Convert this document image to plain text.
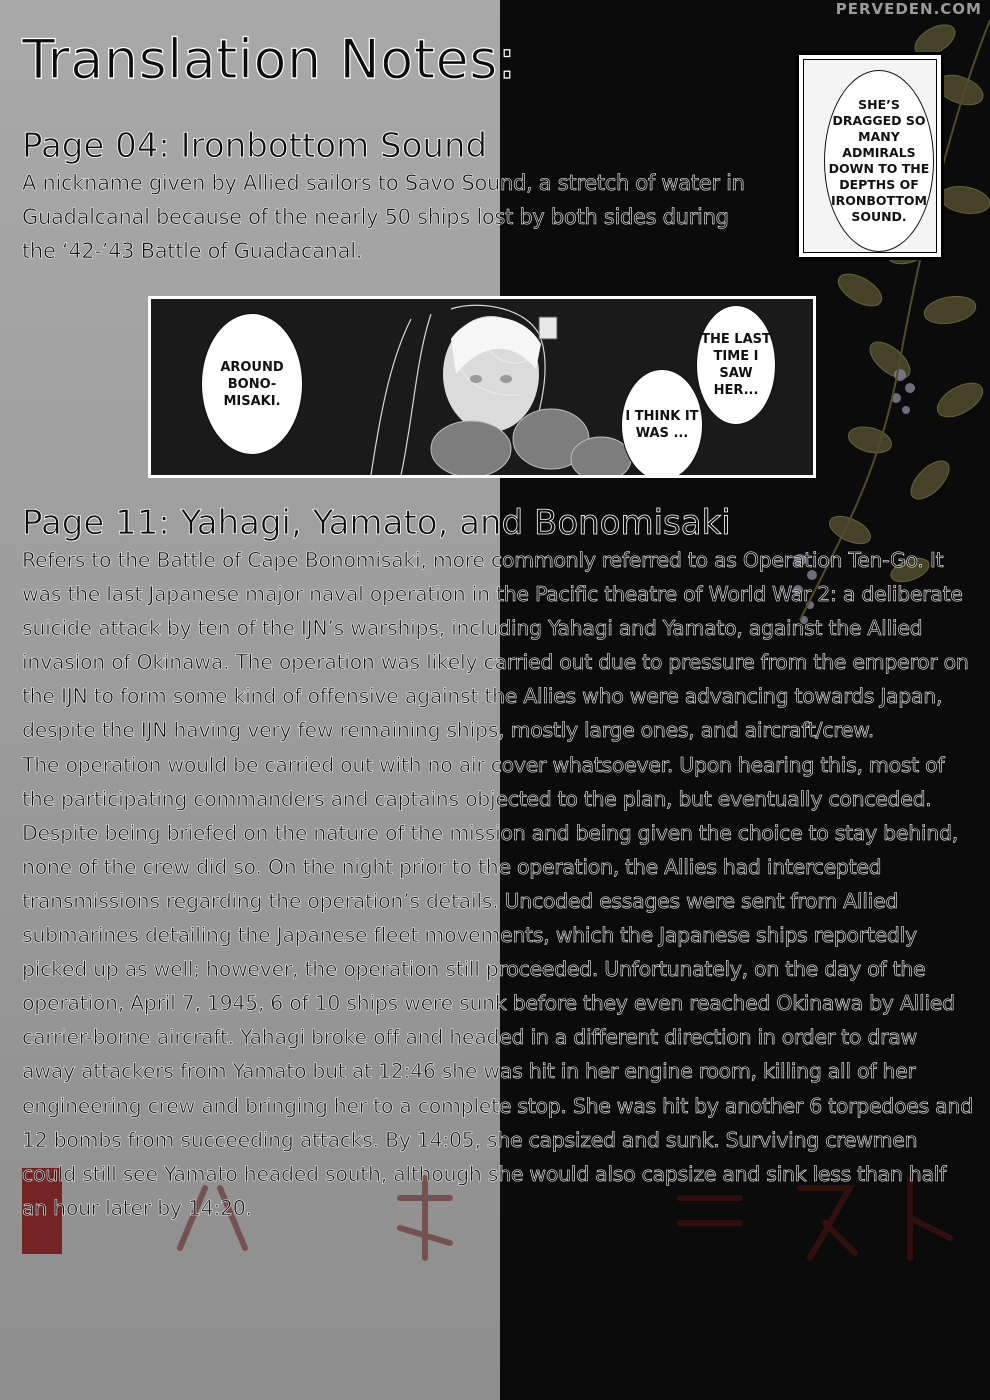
PERVEDEN.COM
Translation Notes:
Page 04: Ironbottom Sound

A nickname given by Allied sailors to Savo Sound, a stretch of water in Guadalcanal because of the nearly 50 ships lost by both sides during the ‘42-’43 Battle of Guadacanal.

SHE’S DRAGGED SO MANY ADMIRALS DOWN TO THE DEPTHS OF IRONBOTTOM SOUND.
AROUND BONO-MISAKI.
I THINK IT WAS ...
THE LAST TIME I SAW HER...
Page 11: Yahagi, Yamato, and Bonomisaki

Refers to the Battle of Cape Bonomisaki, more commonly referred to as Operation Ten-Go. It was the last Japanese major naval operation in the Pacific theatre of World War 2: a deliberate suicide attack by ten of the IJN’s warships, including Yahagi and Yamato, against the Allied invasion of Okinawa. The operation was likely carried out due to pressure from the emperor on the IJN to form some kind of offensive against the Allies who were advancing towards Japan, despite the IJN having very few remaining ships, mostly large ones, and aircraft/crew.

The operation would be carried out with no air cover whatsoever. Upon hearing this, most of the participating commanders and captains objected to the plan, but eventually conceded. Despite being briefed on the nature of the mission and being given the choice to stay behind, none of the crew did so. On the night prior to the operation, the Allies had intercepted transmissions regarding the operation’s details. Uncoded essages were sent from Allied submarines detailing the Japanese fleet movements, which the Japanese ships reportedly picked up as well; however, the operation still proceeded. Unfortunately, on the day of the operation, April 7, 1945, 6 of 10 ships were sunk before they even reached Okinawa by Allied carrier-borne aircraft. Yahagi broke off and headed in a different direction in order to draw away attackers from Yamato but at 12:46 she was hit in her engine room, killing all of her engineering crew and bringing her to a complete stop. She was hit by another 6 torpedoes and 12 bombs from succeeding attacks. By 14:05, she capsized and sunk. Surviving crewmen could still see Yamato headed south, although she would also capsize and sink less than half an hour later by 14:20.
